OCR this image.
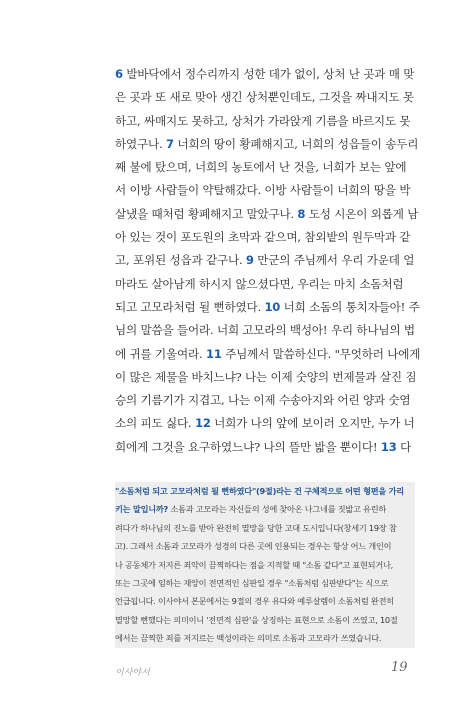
6 발바닥에서 정수리까지 성한 데가 없이, 상처 난 곳과 매 맞
은 곳과 또 새로 맞아 생긴 상처뿐인데도, 그것을 짜내지도 못
하고, 싸매지도 못하고, 상처가 가라앉게 기름을 바르지도 못
하였구나. 7 너희의 땅이 황폐해지고, 너희의 성읍들이 송두리
째 불에 탔으며, 너희의 농토에서 난 것을, 너희가 보는 앞에
서 이방 사람들이 약탈해갔다. 이방 사람들이 너희의 땅을 박
살냈을 때처럼 황폐해지고 말았구나. 8 도성 시온이 외롭게 남
아 있는 것이 포도원의 초막과 같으며, 참외밭의 원두막과 같
고, 포위된 성읍과 같구나. 9 만군의 주님께서 우리 가운데 얼
마라도 살아남게 하시지 않으셨다면, 우리는 마치 소돔처럼
되고 고모라처럼 될 뻔하였다. 10 너희 소돔의 통치자들아! 주
님의 말씀을 들어라. 너희 고모라의 백성아! 우리 하나님의 법
에 귀를 기울여라. 11 주님께서 말씀하신다. "무엇하러 나에게
이 많은 제물을 바치느냐? 나는 이제 숫양의 번제물과 살진 짐
승의 기름기가 지겹고, 나는 이제 수송아지와 어린 양과 숫염
소의 피도 싫다. 12 너희가 나의 앞에 보이러 오지만, 누가 너
희에게 그것을 요구하였느냐? 나의 뜰만 밟을 뿐이다! 13 다
"소돔처럼 되고 고모라처럼 될 뻔하였다"(9절)라는 건 구체적으로 어떤 형편을 가리
키는 말입니까? 소돔과 고모라는 자신들의 성에 찾아온 나그네를 짓밟고 유린하
려다가 하나님의 진노를 받아 완전히 멸망을 당한 고대 도시입니다(창세기 19장 참
고). 그래서 소돔과 고모라가 성경의 다른 곳에 인용되는 경우는 항상 어느 개인이
나 공동체가 저지른 죄악이 끔찍하다는 점을 지적할 때 "소돔 같다"고 표현되거나,
또는 그곳에 임하는 재앙이 전면적인 심판일 경우 "소돔처럼 심판받다"는 식으로
언급됩니다. 이사야서 본문에서는 9절의 경우 유다와 예루살렘이 소돔처럼 완전히
멸망할 뻔했다는 의미이니 '전면적 심판'을 상징하는 표현으로 소돔이 쓰였고, 10절
에서는 끔찍한 죄를 저지르는 백성이라는 의미로 소돔과 고모라가 쓰였습니다.
이사야서	19
